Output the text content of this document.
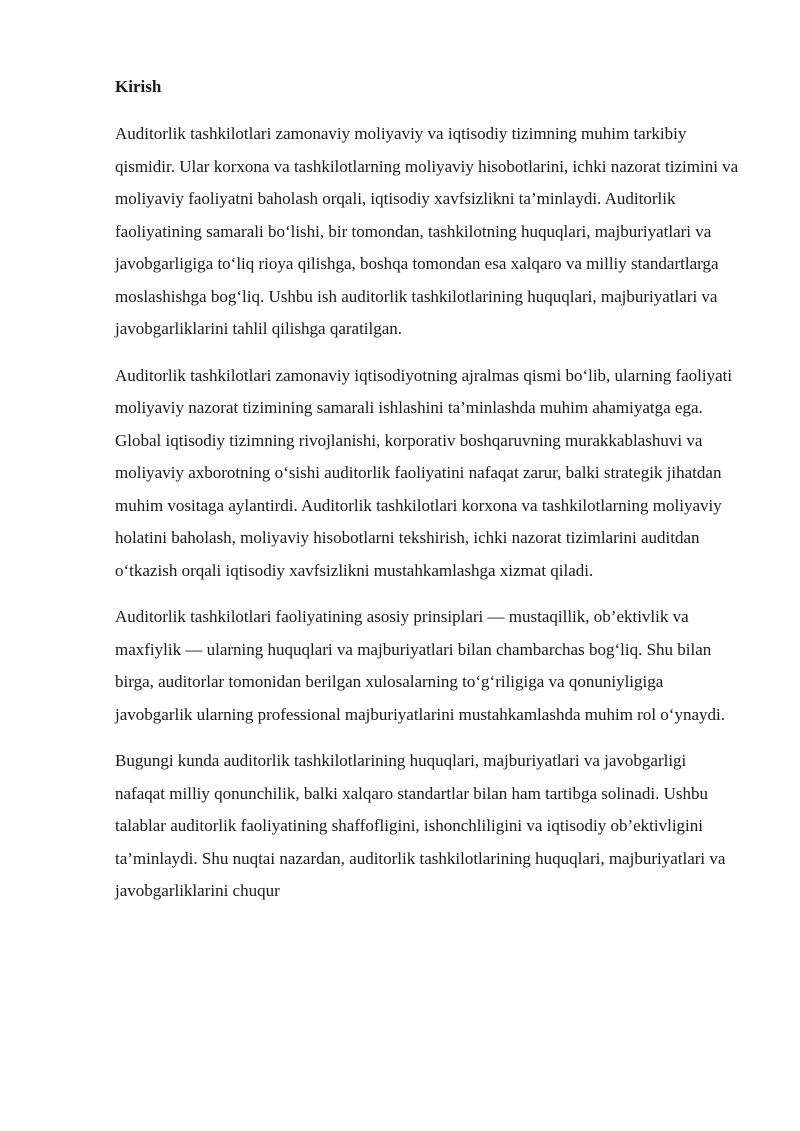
Kirish

Auditorlik tashkilotlari zamonaviy moliyaviy va iqtisodiy tizimning muhim tarkibiy qismidir. Ular korxona va tashkilotlarning moliyaviy hisobotlarini, ichki nazorat tizimini va moliyaviy faoliyatni baholash orqali, iqtisodiy xavfsizlikni ta’minlaydi. Auditorlik faoliyatining samarali bo‘lishi, bir tomondan, tashkilotning huquqlari, majburiyatlari va javobgarligiga to‘liq rioya qilishga, boshqa tomondan esa xalqaro va milliy standartlarga moslashishga bog‘liq. Ushbu ish auditorlik tashkilotlarining huquqlari, majburiyatlari va javobgarliklarini tahlil qilishga qaratilgan.

Auditorlik tashkilotlari zamonaviy iqtisodiyotning ajralmas qismi bo‘lib, ularning faoliyati moliyaviy nazorat tizimining samarali ishlashini ta’minlashda muhim ahamiyatga ega. Global iqtisodiy tizimning rivojlanishi, korporativ boshqaruvning murakkablashuvi va moliyaviy axborotning o‘sishi auditorlik faoliyatini nafaqat zarur, balki strategik jihatdan muhim vositaga aylantirdi. Auditorlik tashkilotlari korxona va tashkilotlarning moliyaviy holatini baholash, moliyaviy hisobotlarni tekshirish, ichki nazorat tizimlarini auditdan o‘tkazish orqali iqtisodiy xavfsizlikni mustahkamlashga xizmat qiladi.

Auditorlik tashkilotlari faoliyatining asosiy prinsiplari — mustaqillik, ob’ektivlik va maxfiylik — ularning huquqlari va majburiyatlari bilan chambarchas bog‘liq. Shu bilan birga, auditorlar tomonidan berilgan xulosalarning to‘g‘riligiga va qonuniyligiga javobgarlik ularning professional majburiyatlarini mustahkamlashda muhim rol o‘ynaydi.

Bugungi kunda auditorlik tashkilotlarining huquqlari, majburiyatlari va javobgarligi nafaqat milliy qonunchilik, balki xalqaro standartlar bilan ham tartibga solinadi. Ushbu talablar auditorlik faoliyatining shaffofligini, ishonchliligini va iqtisodiy ob’ektivligini ta’minlaydi. Shu nuqtai nazardan, auditorlik tashkilotlarining huquqlari, majburiyatlari va javobgarliklarini chuqur
